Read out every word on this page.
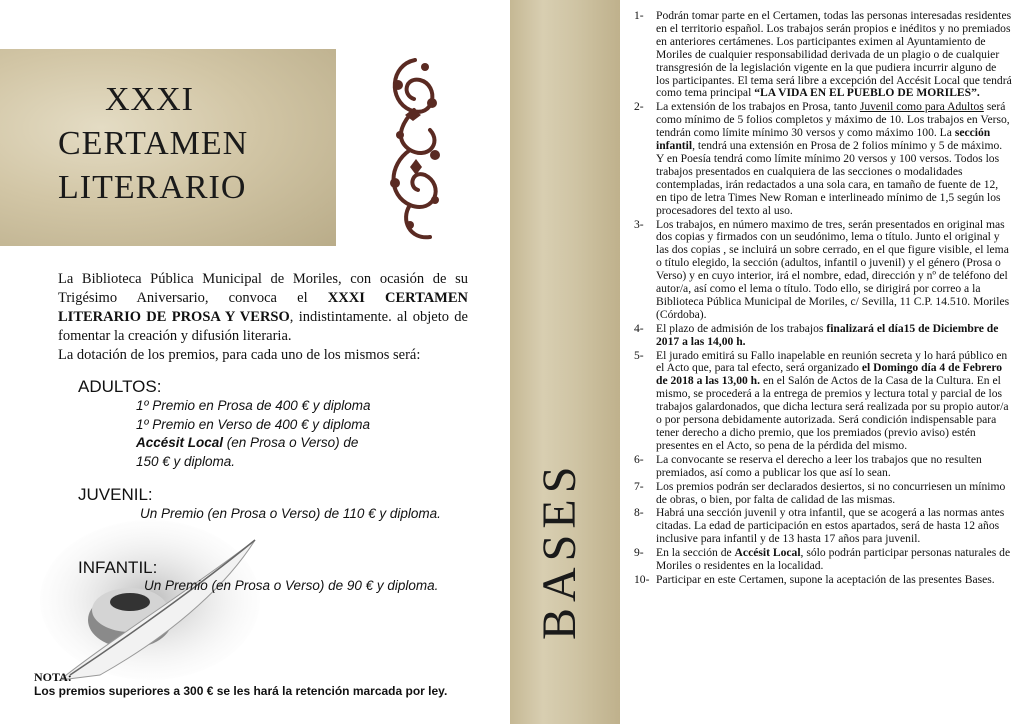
XXXI
CERTAMEN
LITERARIO
La Biblioteca Pública Municipal de Moriles, con ocasión de su Trigésimo Aniversario, convoca el XXXI CERTAMEN LITERARIO DE PROSA Y VERSO, indistintamente. al objeto de fomentar la creación y difusión literaria.
La dotación de los premios, para cada uno de los mismos será:
ADULTOS:
1º Premio en Prosa de 400 € y diploma
1º Premio en Verso de 400 € y diploma
Accésit Local (en Prosa o Verso) de
150 € y diploma.
JUVENIL:
Un Premio (en Prosa o Verso) de 110 € y diploma.
INFANTIL:
Un Premio (en Prosa o Verso) de 90 € y diploma.
NOTA:
Los premios superiores a 300 € se les hará la retención marcada por ley.
BASES
1- Podrán tomar parte en el Certamen, todas las personas interesadas residentes en el territorio español. Los trabajos serán propios e inéditos y no premiados en anteriores certámenes. Los participantes eximen al Ayuntamiento de Moriles de cualquier responsabilidad derivada de un plagio o de cualquier transgresión de la legislación vigente en la que pudiera incurrir alguno de los participantes. El tema será libre a excepción del Accésit Local que tendrá como tema principal “LA VIDA EN EL PUEBLO DE MORILES”.

2- La extensión de los trabajos en Prosa, tanto Juvenil como para Adultos será como mínimo de 5 folios completos y máximo de 10. Los trabajos en Verso, tendrán como límite mínimo 30 versos y como máximo 100. La sección infantil, tendrá una extensión en Prosa de 2 folios mínimo y 5 de máximo. Y en Poesía tendrá como límite mínimo 20 versos y 100 versos. Todos los trabajos presentados en cualquiera de las secciones o modalidades contempladas, irán redactados a una sola cara, en tamaño de fuente de 12, en tipo de letra Times New Roman e interlineado mínimo de 1,5 según los procesadores del texto al uso.

3- Los trabajos, en número maximo de tres, serán presentados en original mas dos copias y firmados con un seudónimo, lema o título. Junto el original y las dos copias , se incluirá un sobre cerrado, en el que figure visible, el lema o título elegido, la sección (adultos, infantil o juvenil) y el género (Prosa o Verso) y en cuyo interior, irá el nombre, edad, dirección y nº de teléfono del autor/a, así como el lema o título. Todo ello, se dirigirá por correo a la Biblioteca Pública Municipal de Moriles, c/ Sevilla, 11 C.P. 14.510. Moriles (Córdoba).

4- El plazo de admisión de los trabajos finalizará el día15 de Diciembre de 2017 a las 14,00 h.

5- El jurado emitirá su Fallo inapelable en reunión secreta y lo hará público en el Acto que, para tal efecto, será organizado el Domingo día 4 de Febrero de 2018 a las 13,00 h. en el Salón de Actos de la Casa de la Cultura. En el mismo, se procederá a la entrega de premios y lectura total y parcial de los trabajos galardonados, que dicha lectura será realizada por su propio autor/a o por persona debidamente autorizada. Será condición indispensable para tener derecho a dicho premio, que los premiados (previo aviso) estén presentes en el Acto, so pena de la pérdida del mismo.

6- La convocante se reserva el derecho a leer los trabajos que no resulten premiados, así como a publicar los que así lo sean.

7- Los premios podrán ser declarados desiertos, si no concurriesen un mínimo de obras, o bien, por falta de calidad de las mismas.

8- Habrá una sección juvenil y otra infantil, que se acogerá a las normas antes citadas. La edad de participación en estos apartados, será de hasta 12 años inclusive para infantil y de 13 hasta 17 años para juvenil.

9- En la sección de Accésit Local, sólo podrán participar personas naturales de Moriles o residentes en la localidad.

10- Participar en este Certamen, supone la aceptación de las presentes Bases.
